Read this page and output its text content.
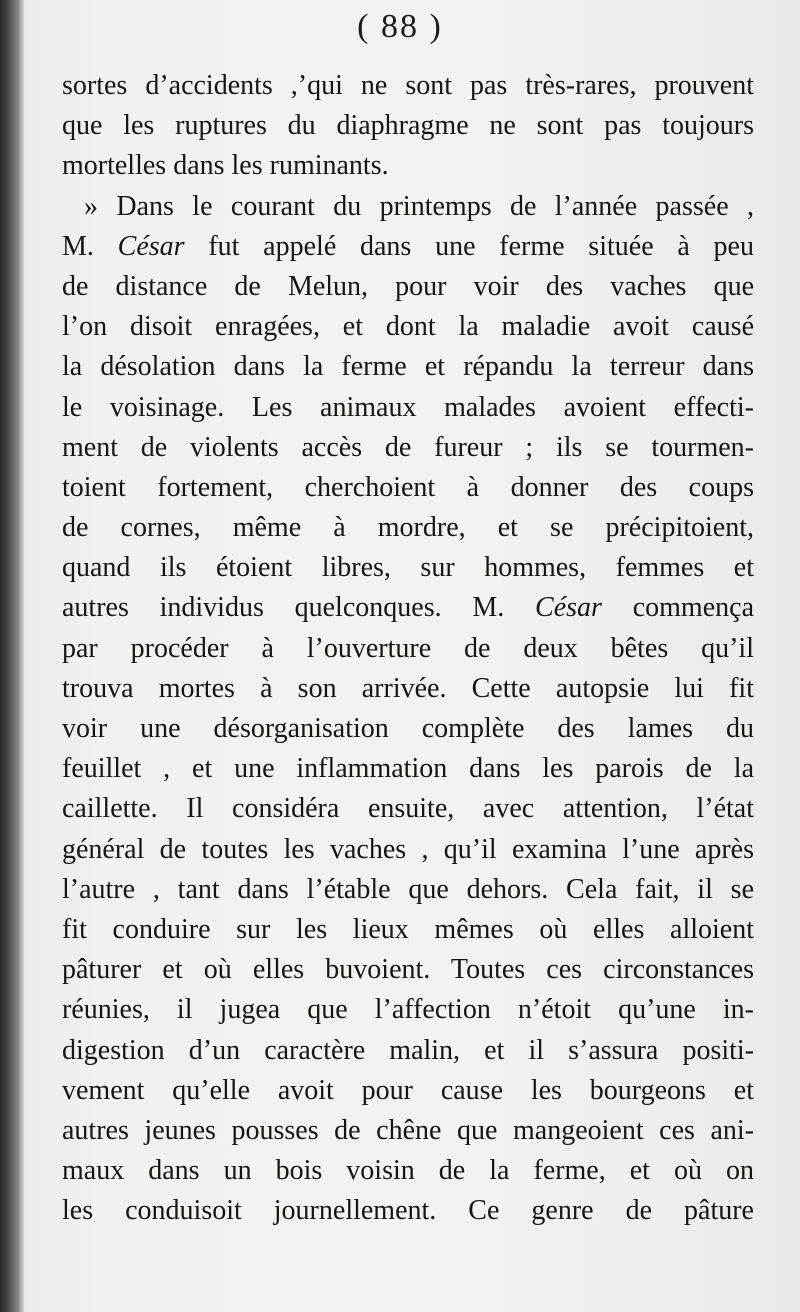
( 88 )
sortes d’accidents ,’qui ne sont pas très-rares, prouvent
que les ruptures du diaphragme ne sont pas toujours
mortelles dans les ruminants.
» Dans le courant du printemps de l’année passée ,
M. César fut appelé dans une ferme située à peu
de distance de Melun, pour voir des vaches que
l’on disoit enragées, et dont la maladie avoit causé
la désolation dans la ferme et répandu la terreur dans
le voisinage. Les animaux malades avoient effecti-
ment de violents accès de fureur ; ils se tourmen-
toient fortement, cherchoient à donner des coups
de cornes, même à mordre, et se précipitoient,
quand ils étoient libres, sur hommes, femmes et
autres individus quelconques. M. César commença
par procéder à l’ouverture de deux bêtes qu’il
trouva mortes à son arrivée. Cette autopsie lui fit
voir une désorganisation complète des lames du
feuillet , et une inflammation dans les parois de la
caillette. Il considéra ensuite, avec attention, l’état
général de toutes les vaches , qu’il examina l’une après
l’autre , tant dans l’étable que dehors. Cela fait, il se
fit conduire sur les lieux mêmes où elles alloient
pâturer et où elles buvoient. Toutes ces circonstances
réunies, il jugea que l’affection n’étoit qu’une in-
digestion d’un caractère malin, et il s’assura positi-
vement qu’elle avoit pour cause les bourgeons et
autres jeunes pousses de chêne que mangeoient ces ani-
maux dans un bois voisin de la ferme, et où on
les conduisoit journellement. Ce genre de pâture
